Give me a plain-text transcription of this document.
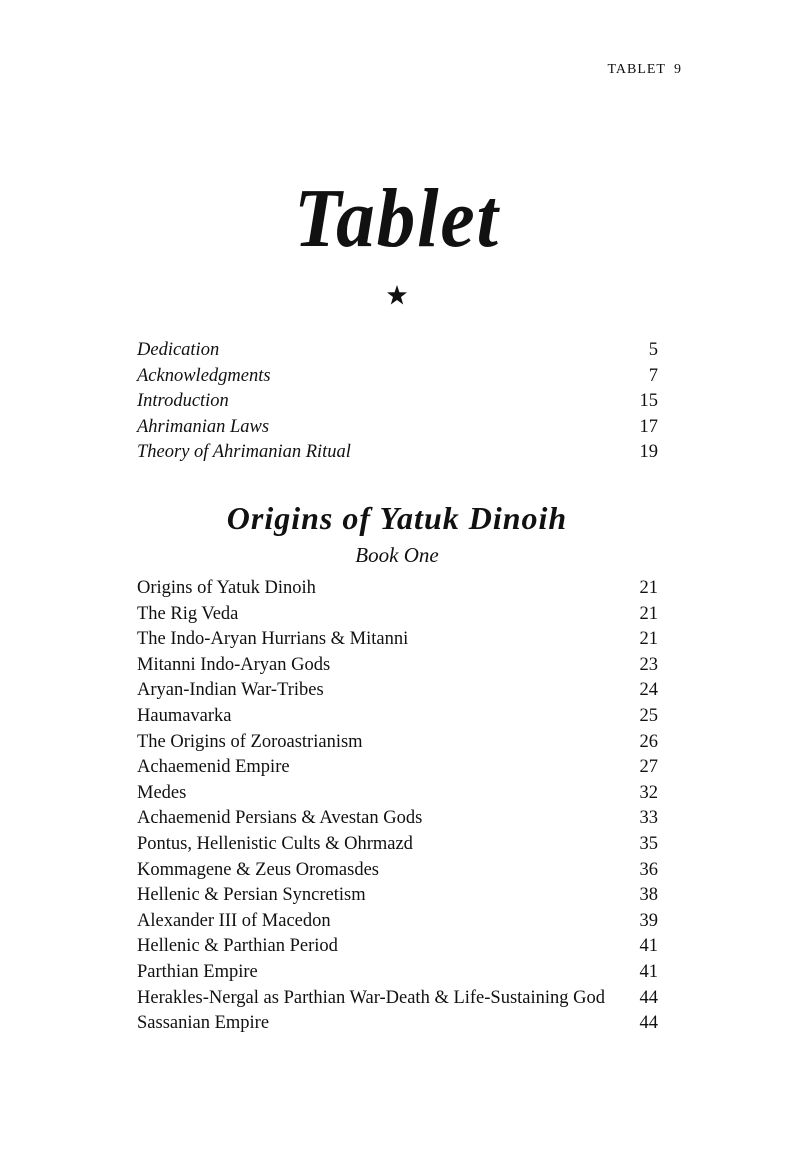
TABLET 9
Tablet
Dedication	5
Acknowledgments	7
Introduction	15
Ahrimanian Laws	17
Theory of Ahrimanian Ritual	19
Origins of Yatuk Dinoih
Book One
Origins of Yatuk Dinoih	21
The Rig Veda	21
The Indo-Aryan Hurrians & Mitanni	21
Mitanni Indo-Aryan Gods	23
Aryan-Indian War-Tribes	24
Haumavarka	25
The Origins of Zoroastrianism	26
Achaemenid Empire	27
Medes	32
Achaemenid Persians & Avestan Gods	33
Pontus, Hellenistic Cults & Ohrmazd	35
Kommagene & Zeus Oromasdes	36
Hellenic & Persian Syncretism	38
Alexander III of Macedon	39
Hellenic & Parthian Period	41
Parthian Empire	41
Herakles-Nergal as Parthian War-Death & Life-Sustaining God 44
Sassanian Empire	44
